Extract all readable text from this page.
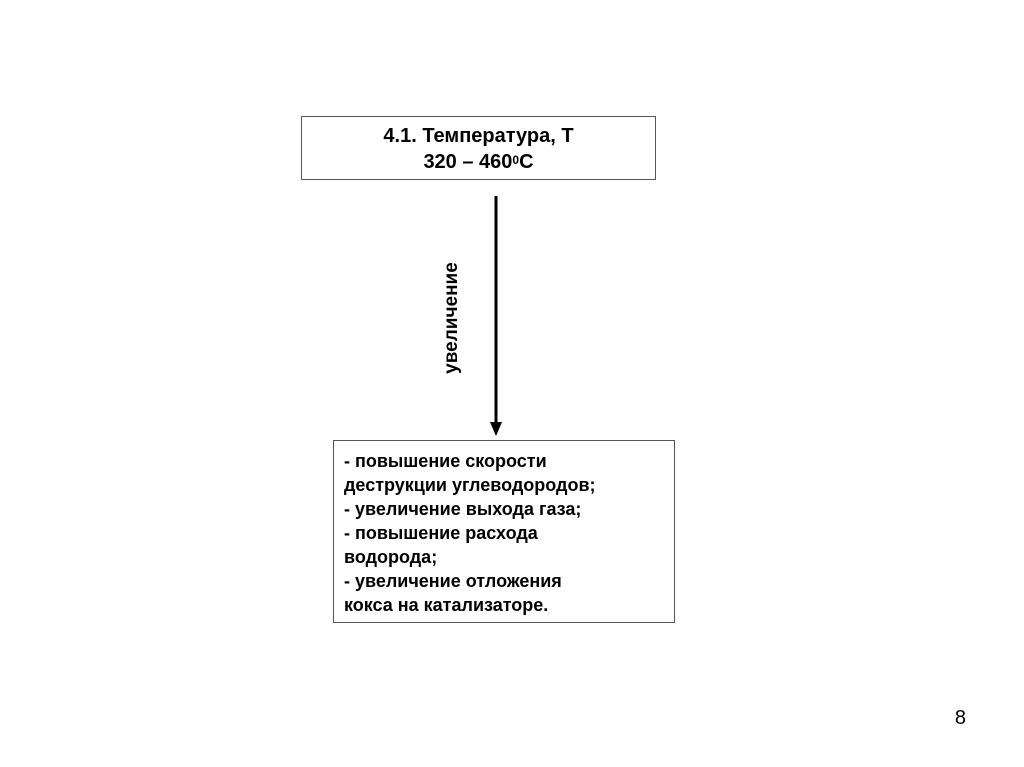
4.1. Температура, Т
$320 - 460^0С$
увеличение
- повышение скорости
деструкции углеводородов;
- увеличение выхода газа;
- повышение расхода
водорода;
- увеличение отложения
кокса на катализаторе.
8
